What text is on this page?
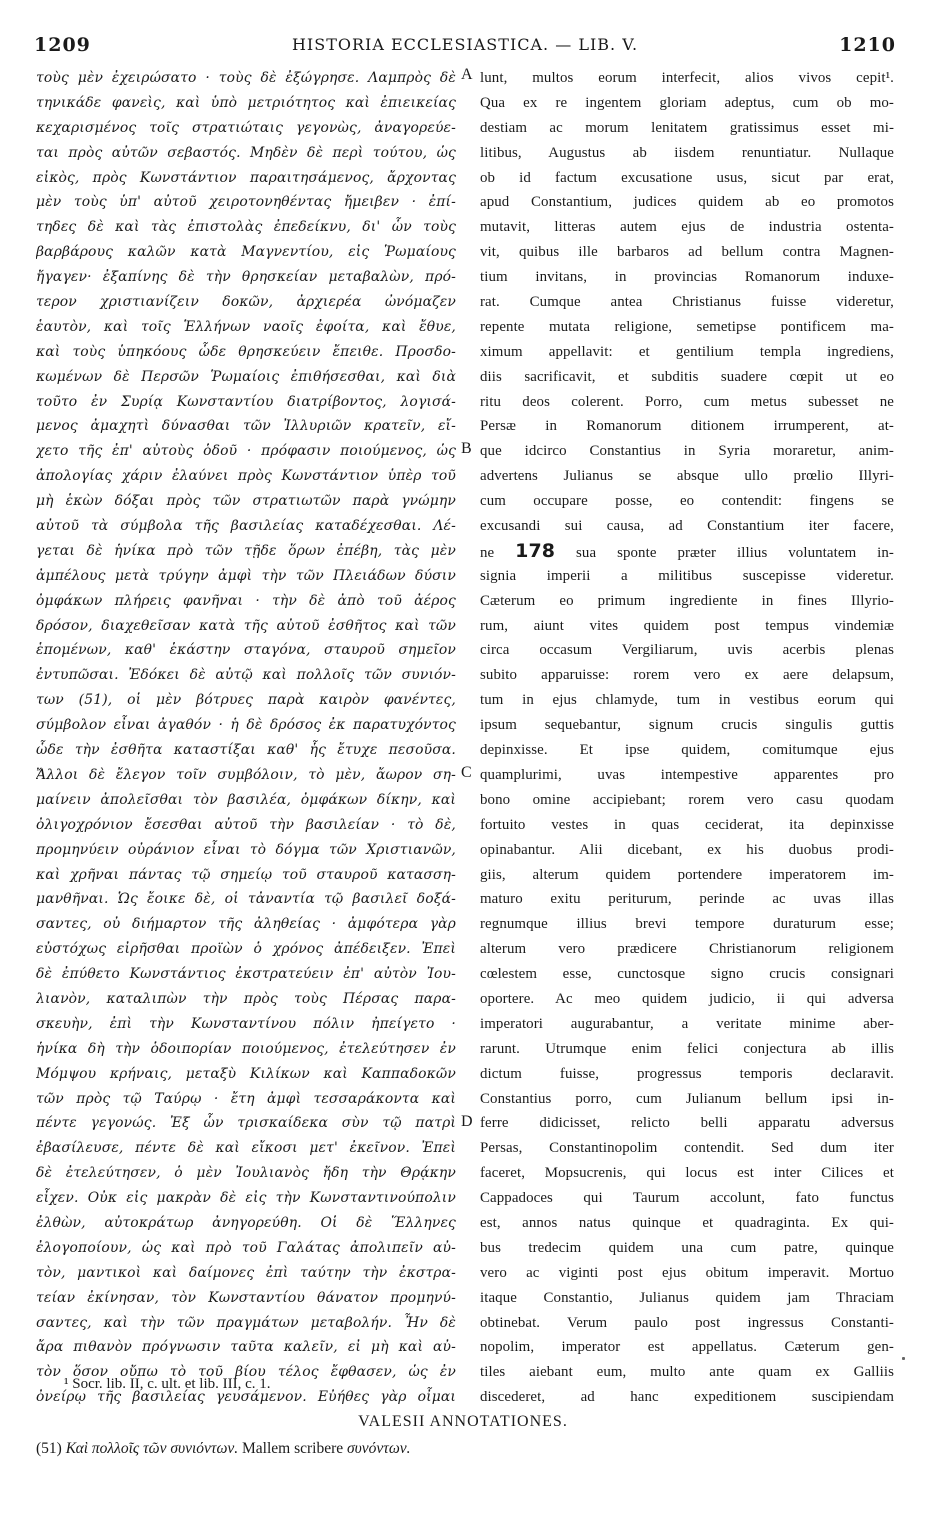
1209	HISTORIA ECCLESIASTICA. — LIB. V.	1210
τοὺς μὲν ἐχειρώσατο · τοὺς δὲ ἐξώγρησε. Λαμπρὸς δὲ
τηνικάδε φανεὶς, καὶ ὑπὸ μετριότητος καὶ ἐπιεικείας
κεχαρισμένος τοῖς στρατιώταις γεγονὼς, ἀναγορεύε-
ται πρὸς αὐτῶν σεβαστός. Μηδὲν δὲ περὶ τούτου, ὡς
εἰκὸς, πρὸς Κωνστάντιον παραιτησάμενος, ἄρχοντας
μὲν τοὺς ὑπ' αὐτοῦ χειροτονηθέντας ἤμειβεν · ἐπί-
τηδες δὲ καὶ τὰς ἐπιστολὰς ἐπεδείκνυ, δι' ὧν τοὺς
βαρβάρους καλῶν κατὰ Μαγνεντίου, εἰς Ῥωμαίους
ἤγαγεν· ἐξαπίνης δὲ τὴν θρησκείαν μεταβαλὼν, πρό-
τερον χριστιανίζειν δοκῶν, ἀρχιερέα ὠνόμαζεν
ἑαυτὸν, καὶ τοῖς Ἑλλήνων ναοῖς ἐφοίτα, καὶ ἔθυε,
καὶ τοὺς ὑπηκόους ὧδε θρησκεύειν ἔπειθε. Προσδο-
κωμένων δὲ Περσῶν Ῥωμαίοις ἐπιθήσεσθαι, καὶ διὰ
τοῦτο ἐν Συρίᾳ Κωνσταντίου διατρίβοντος, λογισά-
μενος ἀμαχητὶ δύνασθαι τῶν Ἰλλυριῶν κρατεῖν, εἴ-
χετο τῆς ἐπ' αὐτοὺς ὁδοῦ · πρόφασιν ποιούμενος, ὡς
ἀπολογίας χάριν ἐλαύνει πρὸς Κωνστάντιον ὑπὲρ τοῦ
μὴ ἑκὼν δόξαι πρὸς τῶν στρατιωτῶν παρὰ γνώμην
αὐτοῦ τὰ σύμβολα τῆς βασιλείας καταδέχεσθαι. Λέ-
γεται δὲ ἡνίκα πρὸ τῶν τῇδε ὅρων ἐπέβη, τὰς μὲν
ἀμπέλους μετὰ τρύγην ἀμφὶ τὴν τῶν Πλειάδων δύσιν
ὀμφάκων πλήρεις φανῆναι · τὴν δὲ ἀπὸ τοῦ ἀέρος
δρόσον, διαχεθεῖσαν κατὰ τῆς αὐτοῦ ἐσθῆτος καὶ τῶν
ἑπομένων, καθ' ἑκάστην σταγόνα, σταυροῦ σημεῖον
ἐντυπῶσαι. Ἐδόκει δὲ αὐτῷ καὶ πολλοῖς τῶν συνιόν-
των (51), οἱ μὲν βότρυες παρὰ καιρὸν φανέντες,
σύμβολον εἶναι ἀγαθόν · ἡ δὲ δρόσος ἐκ παρατυχόντος
ὧδε τὴν ἐσθῆτα καταστίξαι καθ' ἧς ἔτυχε πεσοῦσα.
Ἄλλοι δὲ ἔλεγον τοῖν συμβόλοιν, τὸ μὲν, ἄωρον ση-
μαίνειν ἀπολεῖσθαι τὸν βασιλέα, ὀμφάκων δίκην, καὶ
ὀλιγοχρόνιον ἔσεσθαι αὐτοῦ τὴν βασιλείαν · τὸ δὲ,
προμηνύειν οὐράνιον εἶναι τὸ δόγμα τῶν Χριστιανῶν,
καὶ χρῆναι πάντας τῷ σημείῳ τοῦ σταυροῦ κατασση-
μανθῆναι. Ὡς ἔοικε δὲ, οἱ τἀναντία τῷ βασιλεῖ δοξά-
σαντες, οὐ διήμαρτον τῆς ἀληθείας · ἀμφότερα γὰρ
εὐστόχως εἰρῆσθαι προϊὼν ὁ χρόνος ἀπέδειξεν. Ἐπεὶ
δὲ ἐπύθετο Κωνστάντιος ἐκστρατεύειν ἐπ' αὐτὸν Ἰου-
λιανὸν, καταλιπὼν τὴν πρὸς τοὺς Πέρσας παρα-
σκευὴν, ἐπὶ τὴν Κωνσταντίνου πόλιν ἠπείγετο ·
ἡνίκα δὴ τὴν ὁδοιπορίαν ποιούμενος, ἐτελεύτησεν ἐν
Μόμψου κρήναις, μεταξὺ Κιλίκων καὶ Καππαδοκῶν
τῶν πρὸς τῷ Ταύρῳ · ἔτη ἀμφὶ τεσσαράκοντα καὶ
πέντε γεγονώς. Ἐξ ὧν τρισκαίδεκα σὺν τῷ πατρὶ
ἐβασίλευσε, πέντε δὲ καὶ εἴκοσι μετ' ἐκεῖνον. Ἐπεὶ
δὲ ἐτελεύτησεν, ὁ μὲν Ἰουλιανὸς ἤδη τὴν Θρᾴκην
εἶχεν. Οὐκ εἰς μακρὰν δὲ εἰς τὴν Κωνσταντινούπολιν
ἐλθὼν, αὐτοκράτωρ ἀνηγορεύθη. Οἱ δὲ Ἕλληνες
ἐλογοποίουν, ὡς καὶ πρὸ τοῦ Γαλάτας ἀπολιπεῖν αὐ-
τὸν, μαντικοὶ καὶ δαίμονες ἐπὶ ταύτην τὴν ἐκστρα-
τείαν ἐκίνησαν, τὸν Κωνσταντίου θάνατον προμηνύ-
σαντες, καὶ τὴν τῶν πραγμάτων μεταβολήν. Ἦν δὲ
ἄρα πιθανὸν πρόγνωσιν ταῦτα καλεῖν, εἰ μὴ καὶ αὐ-
τὸν ὅσον οὔπω τὸ τοῦ βίου τέλος ἔφθασεν, ὡς ἐν
ὀνείρῳ τῆς βασιλείας γευσάμενον. Εὐήθες γὰρ οἶμαι
lunt, multos eorum interfecit, alios vivos cepit¹.
Qua ex re ingentem gloriam adeptus, cum ob mo-
destiam ac morum lenitatem gratissimus esset mi-
litibus, Augustus ab iisdem renuntiatur. Nullaque
ob id factum excusatione usus, sicut par erat,
apud Constantium, judices quidem ab eo promotos
mutavit, litteras autem ejus de industria ostenta-
vit, quibus ille barbaros ad bellum contra Magnen-
tium invitans, in provincias Romanorum induxe-
rat. Cumque antea Christianus fuisse videretur,
repente mutata religione, semetipse pontificem ma-
ximum appellavit: et gentilium templa ingrediens,
diis sacrificavit, et subditis suadere cœpit ut eo
ritu deos colerent. Porro, cum metus subesset ne
Persæ in Romanorum ditionem irrumperent, at-
que idcirco Constantius in Syria moraretur, anim-
advertens Julianus se absque ullo prœlio Illyri-
cum occupare posse, eo contendit: fingens se
excusandi sui causa, ad Constantium iter facere,
ne 178 sua sponte præter illius voluntatem in-
signia imperii a militibus suscepisse videretur.
Cæterum eo primum ingrediente in fines Illyrio-
rum, aiunt vites quidem post tempus vindemiæ
circa occasum Vergiliarum, uvis acerbis plenas
subito apparuisse: rorem vero ex aere delapsum,
tum in ejus chlamyde, tum in vestibus eorum qui
ipsum sequebantur, signum crucis singulis guttis
depinxisse. Et ipse quidem, comitumque ejus
quamplurimi, uvas intempestive apparentes pro
bono omine accipiebant; rorem vero casu quodam
fortuito vestes in quas ceciderat, ita depinxisse
opinabantur. Alii dicebant, ex his duobus prodi-
giis, alterum quidem portendere imperatorem im-
maturo exitu periturum, perinde ac uvas illas
regnumque illius brevi tempore duraturum esse;
alterum vero prædicere Christianorum religionem
cœlestem esse, cunctosque signo crucis consignari
oportere. Ac meo quidem judicio, ii qui adversa
imperatori augurabantur, a veritate minime aber-
rarunt. Utrumque enim felici conjectura ab illis
dictum fuisse, progressus temporis declaravit.
Constantius porro, cum Julianum bellum ipsi in-
ferre didicisset, relicto belli apparatu adversus
Persas, Constantinopolim contendit. Sed dum iter
faceret, Mopsucrenis, qui locus est inter Cilices et
Cappadoces qui Taurum accolunt, fato functus
est, annos natus quinque et quadraginta. Ex qui-
bus tredecim quidem una cum patre, quinque
vero ac viginti post ejus obitum imperavit. Mortuo
itaque Constantio, Julianus quidem jam Thraciam
obtinebat. Verum paulo post ingressus Constanti-
nopolim, imperator est appellatus. Cæterum gen-
tiles aiebant eum, multo ante quam ex Galliis
discederet, ad hanc expeditionem suscipiendam
A
B
C
D
¹ Socr. lib. II, c. ult. et lib. III, c. 1.
VALESII ANNOTATIONES.
(51) Καὶ πολλοῖς τῶν συνιόντων. Mallem scribere συνόντων.
